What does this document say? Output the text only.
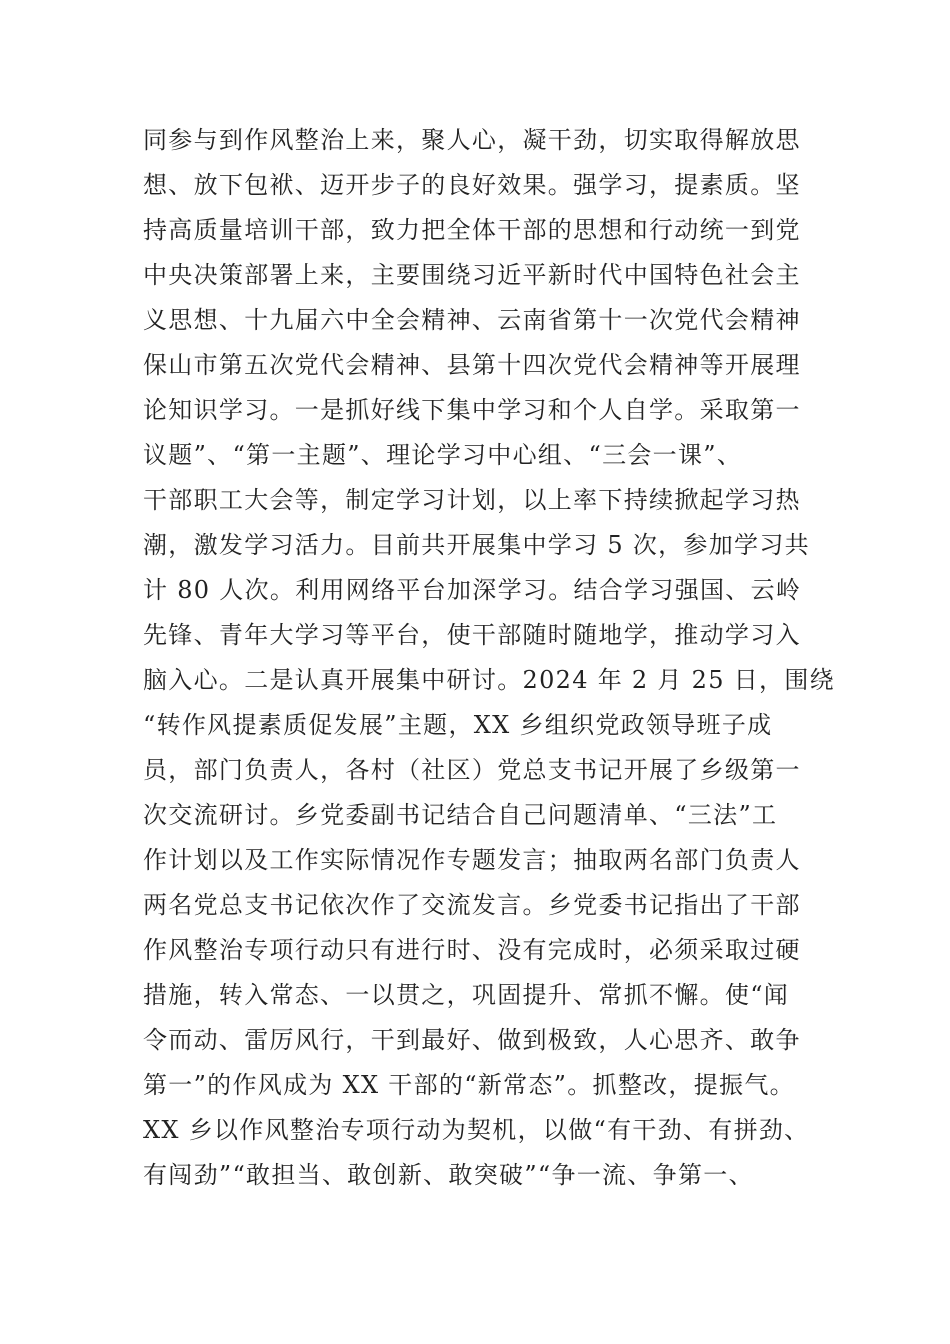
同参与到作风整治上来，聚人心，凝干劲，切实取得解放思
想、放下包袱、迈开步子的良好效果。强学习，提素质。坚
持高质量培训干部，致力把全体干部的思想和行动统一到党
中央决策部署上来，主要围绕习近平新时代中国特色社会主
义思想、十九届六中全会精神、云南省第十一次党代会精神
保山市第五次党代会精神、县第十四次党代会精神等开展理
论知识学习。一是抓好线下集中学习和个人自学。采取第一
议题”、“第一主题”、理论学习中心组、“三会一课”、
干部职工大会等，制定学习计划，以上率下持续掀起学习热
潮，激发学习活力。目前共开展集中学习 5 次，参加学习共
计 80 人次。利用网络平台加深学习。结合学习强国、云岭
先锋、青年大学习等平台，使干部随时随地学，推动学习入
脑入心。二是认真开展集中研讨。2024 年 2 月 25 日，围绕
“转作风提素质促发展”主题，XX 乡组织党政领导班子成
员，部门负责人，各村（社区）党总支书记开展了乡级第一
次交流研讨。乡党委副书记结合自己问题清单、“三法”工
作计划以及工作实际情况作专题发言；抽取两名部门负责人
两名党总支书记依次作了交流发言。乡党委书记指出了干部
作风整治专项行动只有进行时、没有完成时，必须采取过硬
措施，转入常态、一以贯之，巩固提升、常抓不懈。使“闻
令而动、雷厉风行，干到最好、做到极致，人心思齐、敢争
第一”的作风成为 XX 干部的“新常态”。抓整改，提振气。
XX 乡以作风整治专项行动为契机，以做“有干劲、有拼劲、
有闯劲”“敢担当、敢创新、敢突破”“争一流、争第一、
